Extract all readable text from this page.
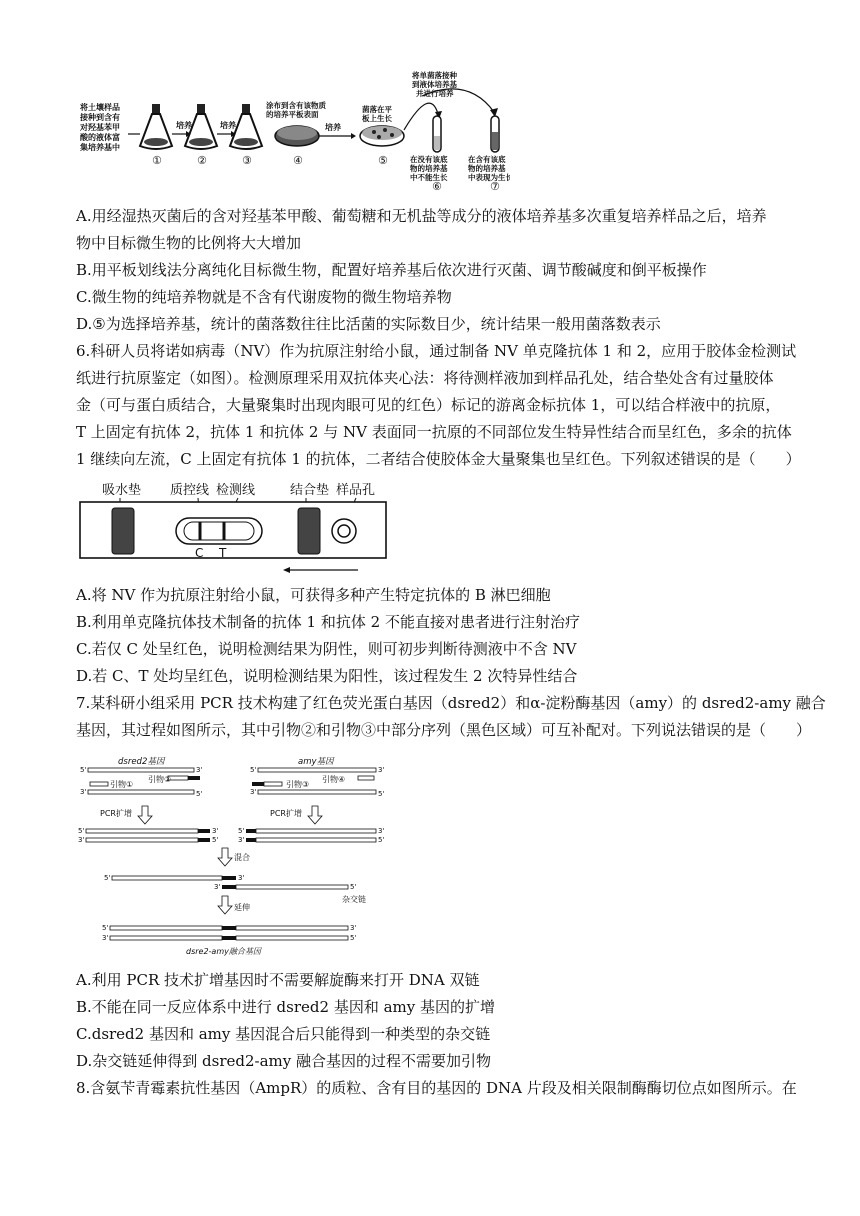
将土壤样品
接种到含有
对羟基苯甲
酸的液体富
集培养基中
培养	培养
涂布到含有该物质
的培养平板表面
培养
菌落在平
板上生长
将单菌落接种
到液体培养基
并进行培养
在没有该底
物的培养基
中不能生长
在含有该底
物的培养基
中表现为生长
①	②	③	④	⑤
⑥	⑦
A.用经湿热灭菌后的含对羟基苯甲酸、葡萄糖和无机盐等成分的液体培养基多次重复培养样品之后，培养
物中目标微生物的比例将大大增加
B.用平板划线法分离纯化目标微生物，配置好培养基后依次进行灭菌、调节酸碱度和倒平板操作
C.微生物的纯培养物就是不含有代谢废物的微生物培养物
D.⑤为选择培养基，统计的菌落数往往比活菌的实际数目少，统计结果一般用菌落数表示
6.科研人员将诺如病毒（NV）作为抗原注射给小鼠，通过制备 NV 单克隆抗体 1 和 2，应用于胶体金检测试
纸进行抗原鉴定（如图）。检测原理采用双抗体夹心法：将待测样液加到样品孔处，结合垫处含有过量胶体
金（可与蛋白质结合，大量聚集时出现肉眼可见的红色）标记的游离金标抗体 1，可以结合样液中的抗原，
T 上固定有抗体 2，抗体 1 和抗体 2 与 NV 表面同一抗原的不同部位发生特异性结合而呈红色，多余的抗体
1 继续向左流，C 上固定有抗体 1 的抗体，二者结合使胶体金大量聚集也呈红色。下列叙述错误的是（　　）
吸水垫 质控线 检测线	结合垫 样品孔
C T
A.将 NV 作为抗原注射给小鼠，可获得多种产生特定抗体的 B 淋巴细胞
B.利用单克隆抗体技术制备的抗体 1 和抗体 2 不能直接对患者进行注射治疗
C.若仅 C 处呈红色，说明检测结果为阴性，则可初步判断待测液中不含 NV
D.若 C、T 处均呈红色，说明检测结果为阳性，该过程发生 2 次特异性结合
7.某科研小组采用 PCR 技术构建了红色荧光蛋白基因（dsred2）和α-淀粉酶基因（amy）的 dsred2-amy 融合
基因，其过程如图所示，其中引物②和引物③中部分序列（黑色区域）可互补配对。下列说法错误的是（　　）
dsred2基因
5'	3'
引物②
引物①
3'	5'
amy基因
5'	3'
引物④
引物③
3'	5'
PCR扩增	PCR扩增
5'	3'
3'	5'
5'	3'
3'	5'
混合
5'	3'
3'	5'
杂交链
延伸
5'	3'
3'	5'
dsre2-amy融合基因
A.利用 PCR 技术扩增基因时不需要解旋酶来打开 DNA 双链
B.不能在同一反应体系中进行 dsred2 基因和 amy 基因的扩增
C.dsred2 基因和 amy 基因混合后只能得到一种类型的杂交链
D.杂交链延伸得到 dsred2-amy 融合基因的过程不需要加引物
8.含氨苄青霉素抗性基因（AmpR）的质粒、含有目的基因的 DNA 片段及相关限制酶酶切位点如图所示。在
